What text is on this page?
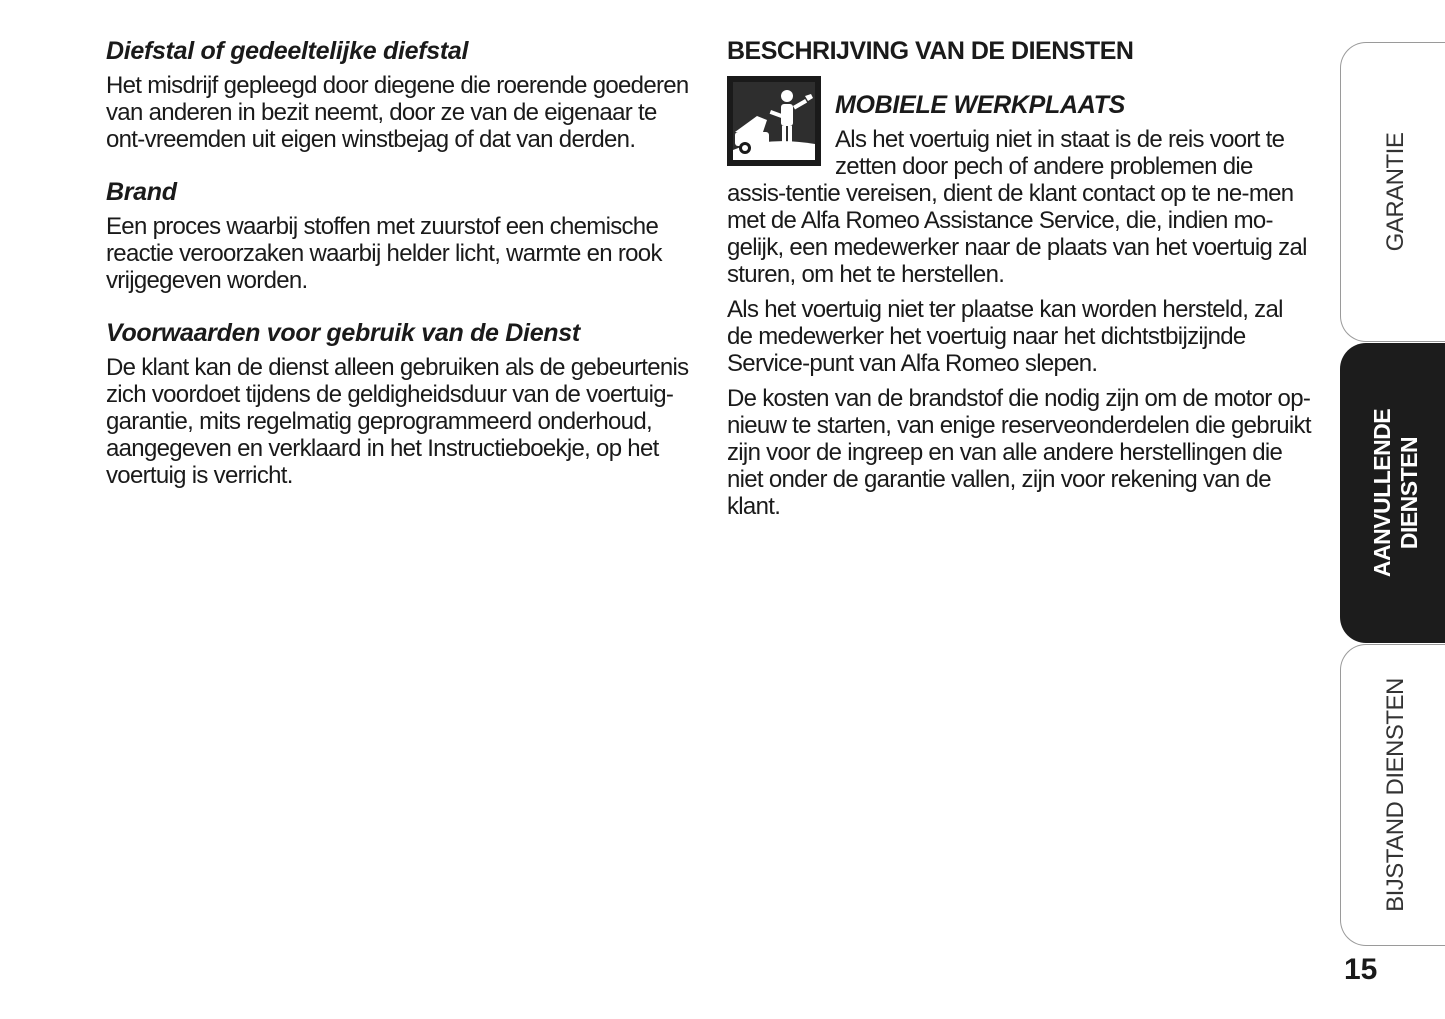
Diefstal of gedeeltelijke diefstal

Het misdrijf gepleegd door diegene die roerende goederen van anderen in bezit neemt, door ze van de eigenaar te ont-vreemden uit eigen winstbejag of dat van derden.

Brand

Een proces waarbij stoffen met zuurstof een chemische reactie veroorzaken waarbij helder licht, warmte en rook vrijgegeven worden.

Voorwaarden voor gebruik van de Dienst

De klant kan de dienst alleen gebruiken als de gebeurtenis zich voordoet tijdens de geldigheidsduur van de voertuig-garantie, mits regelmatig geprogrammeerd onderhoud, aangegeven en verklaard in het Instructieboekje, op het voertuig is verricht.

BESCHRIJVING VAN DE DIENSTEN
MOBIELE WERKPLAATS

Als het voertuig niet in staat is de reis voort te zetten door pech of andere problemen die assis-tentie vereisen, dient de klant contact op te ne-men met de Alfa Romeo Assistance Service, die, indien mo-gelijk, een medewerker naar de plaats van het voertuig zal sturen, om het te herstellen.

Als het voertuig niet ter plaatse kan worden hersteld, zal de medewerker het voertuig naar het dichtstbijzijnde Service-punt van Alfa Romeo slepen.

De kosten van de brandstof die nodig zijn om de motor op-nieuw te starten, van enige reserveonderdelen die gebruikt zijn voor de ingreep en van alle andere herstellingen die niet onder de garantie vallen, zijn voor rekening van de klant.

GARANTIE
AANVULLENDE
DIENSTEN
BIJSTAND DIENSTEN
15
